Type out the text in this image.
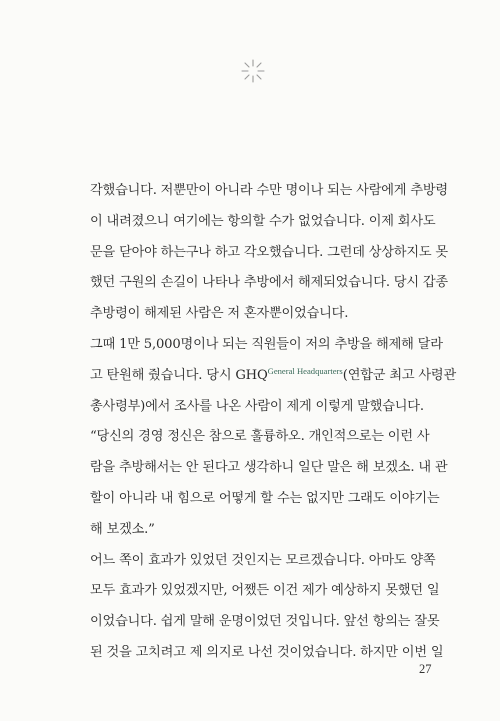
각했습니다. 저뿐만이 아니라 수만 명이나 되는 사람에게 추방령
이 내려졌으니 여기에는 항의할 수가 없었습니다. 이제 회사도
문을 닫아야 하는구나 하고 각오했습니다. 그런데 상상하지도 못
했던 구원의 손길이 나타나 추방에서 해제되었습니다. 당시 갑종
추방령이 해제된 사람은 저 혼자뿐이었습니다.
그때 1만 5,000명이나 되는 직원들이 저의 추방을 해제해 달라
고 탄원해 줬습니다. 당시 $GHQ^{General Headquarters}$(연합군 최고 사령관
총사령부)에서 조사를 나온 사람이 제게 이렇게 말했습니다.
“당신의 경영 정신은 참으로 훌륭하오. 개인적으로는 이런 사
람을 추방해서는 안 된다고 생각하니 일단 말은 해 보겠소. 내 관
할이 아니라 내 힘으로 어떻게 할 수는 없지만 그래도 이야기는
해 보겠소.”
어느 쪽이 효과가 있었던 것인지는 모르겠습니다. 아마도 양쪽
모두 효과가 있었겠지만, 어쨌든 이건 제가 예상하지 못했던 일
이었습니다. 쉽게 말해 운명이었던 것입니다. 앞선 항의는 잘못
된 것을 고치려고 제 의지로 나선 것이었습니다. 하지만 이번 일
27
